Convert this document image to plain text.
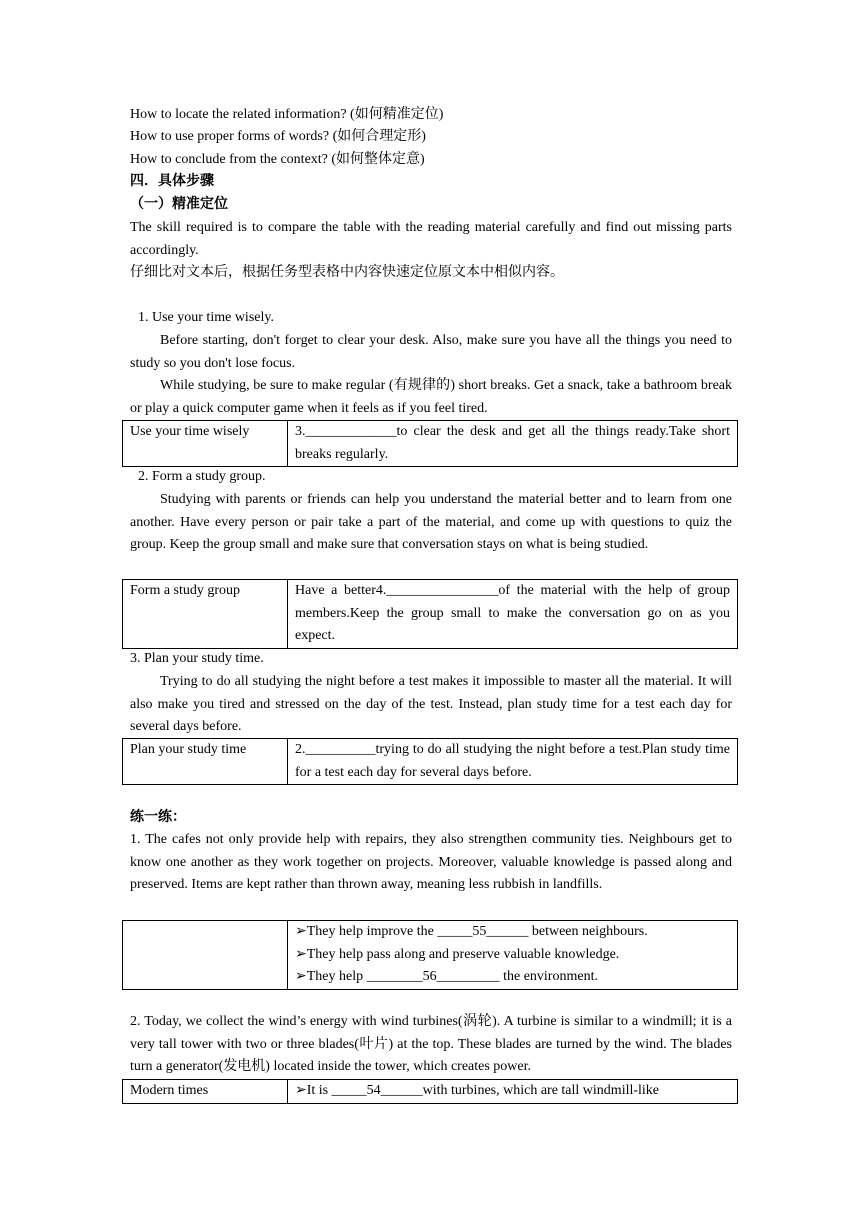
How to locate the related information? (如何精准定位)
How to use proper forms of words? (如何合理定形)
How to conclude from the context? (如何整体定意)
四．具体步骤
（一）精准定位
The skill required is to compare the table with the reading material carefully and find out missing parts accordingly.
仔细比对文本后，根据任务型表格中内容快速定位原文本中相似内容。
1. Use your time wisely.
Before starting, don't forget to clear your desk. Also, make sure you have all the things you need to study so you don't lose focus.
While studying, be sure to make regular (有规律的) short breaks. Get a snack, take a bathroom break or play a quick computer game when it feels as if you feel tired.
Use your time wisely	3._____________to clear the desk and get all the things ready.Take short breaks regularly.
2. Form a study group.
Studying with parents or friends can help you understand the material better and to learn from one another. Have every person or pair take a part of the material, and come up with questions to quiz the group. Keep the group small and make sure that conversation stays on what is being studied.
Form a study group	Have a better4.________________of the material with the help of group members.Keep the group small to make the conversation go on as you expect.
3. Plan your study time.
Trying to do all studying the night before a test makes it impossible to master all the material. It will also make you tired and stressed on the day of the test. Instead, plan study time for a test each day for several days before.
Plan your study time	2.__________trying to do all studying the night before a test.Plan study time for a test each day for several days before.
练一练：
1. The cafes not only provide help with repairs, they also strengthen community ties. Neighbours get to know one another as they work together on projects. Moreover, valuable knowledge is passed along and preserved. Items are kept rather than thrown away, meaning less rubbish in landfills.

➢They help improve the _____55______ between neighbours.
➢They help pass along and preserve valuable knowledge.
➢They help ________56_________ the environment.
2. Today, we collect the wind’s energy with wind turbines(涡轮). A turbine is similar to a windmill; it is a very tall tower with two or three blades(叶片) at the top. These blades are turned by the wind. The blades turn a generator(发电机) located inside the tower, which creates power.
Modern times	➢It is _____54______with turbines, which are tall windmill-like
